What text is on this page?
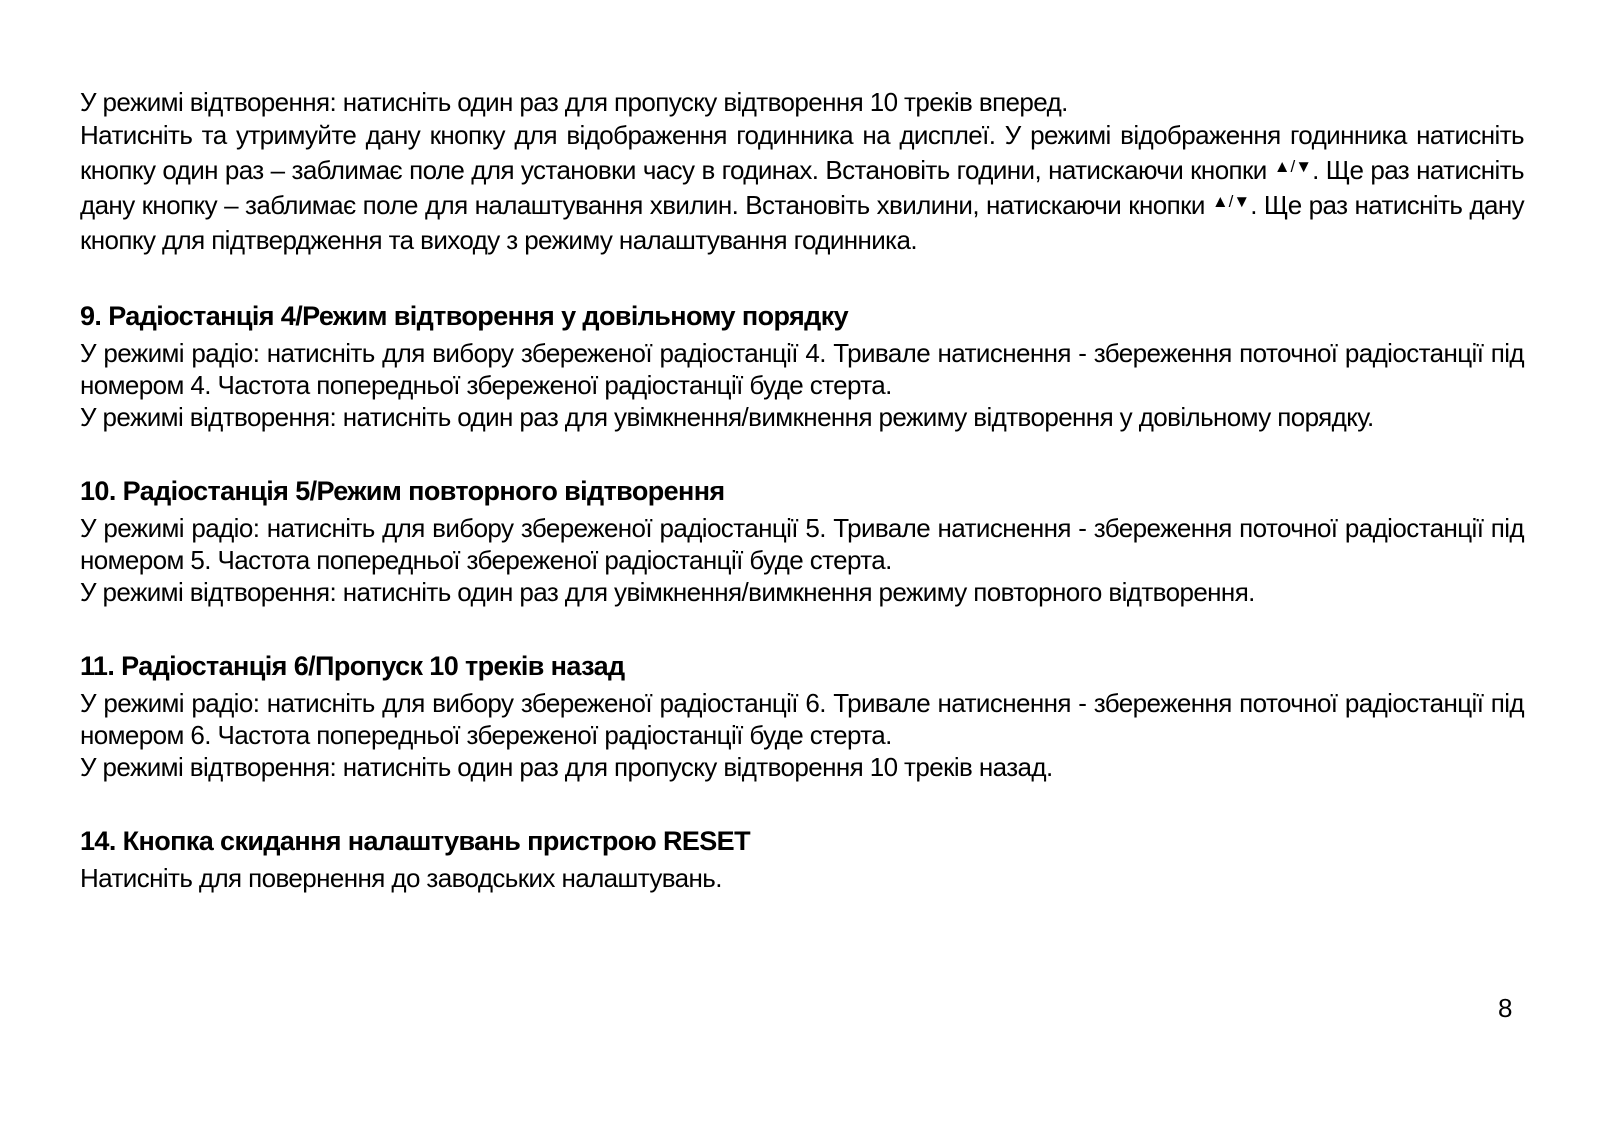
У режимі відтворення: натисніть один раз для пропуску відтворення 10 треків вперед.

Натисніть та утримуйте дану кнопку для відображення годинника на дисплеї. У режимі відображення годинника натисніть кнопку один раз – заблимає поле для установки часу в годинах. Встановіть години, натискаючи кнопки ▲/▼. Ще раз натисніть дану кнопку – заблимає поле для налаштування хвилин. Встановіть хвилини, натискаючи кнопки ▲/▼. Ще раз натисніть дану кнопку для підтвердження та виходу з режиму налаштування годинника.

9. Радіостанція 4/Режим відтворення у довільному порядку

У режимі радіо: натисніть для вибору збереженої радіостанції 4. Тривале натиснення - збереження поточної радіостанції під номером 4. Частота попередньої збереженої радіостанції буде стерта.

У режимі відтворення: натисніть один раз для увімкнення/вимкнення режиму відтворення у довільному порядку.

10. Радіостанція 5/Режим повторного відтворення

У режимі радіо: натисніть для вибору збереженої радіостанції 5. Тривале натиснення - збереження поточної радіостанції під номером 5. Частота попередньої збереженої радіостанції буде стерта.

У режимі відтворення: натисніть один раз для увімкнення/вимкнення режиму повторного відтворення.

11. Радіостанція 6/Пропуск 10 треків назад

У режимі радіо: натисніть для вибору збереженої радіостанції 6. Тривале натиснення - збереження поточної радіостанції під номером 6. Частота попередньої збереженої радіостанції буде стерта.

У режимі відтворення: натисніть один раз для пропуску відтворення 10 треків назад.

14. Кнопка скидання налаштувань пристрою RESET

Натисніть для повернення до заводських налаштувань.

8
